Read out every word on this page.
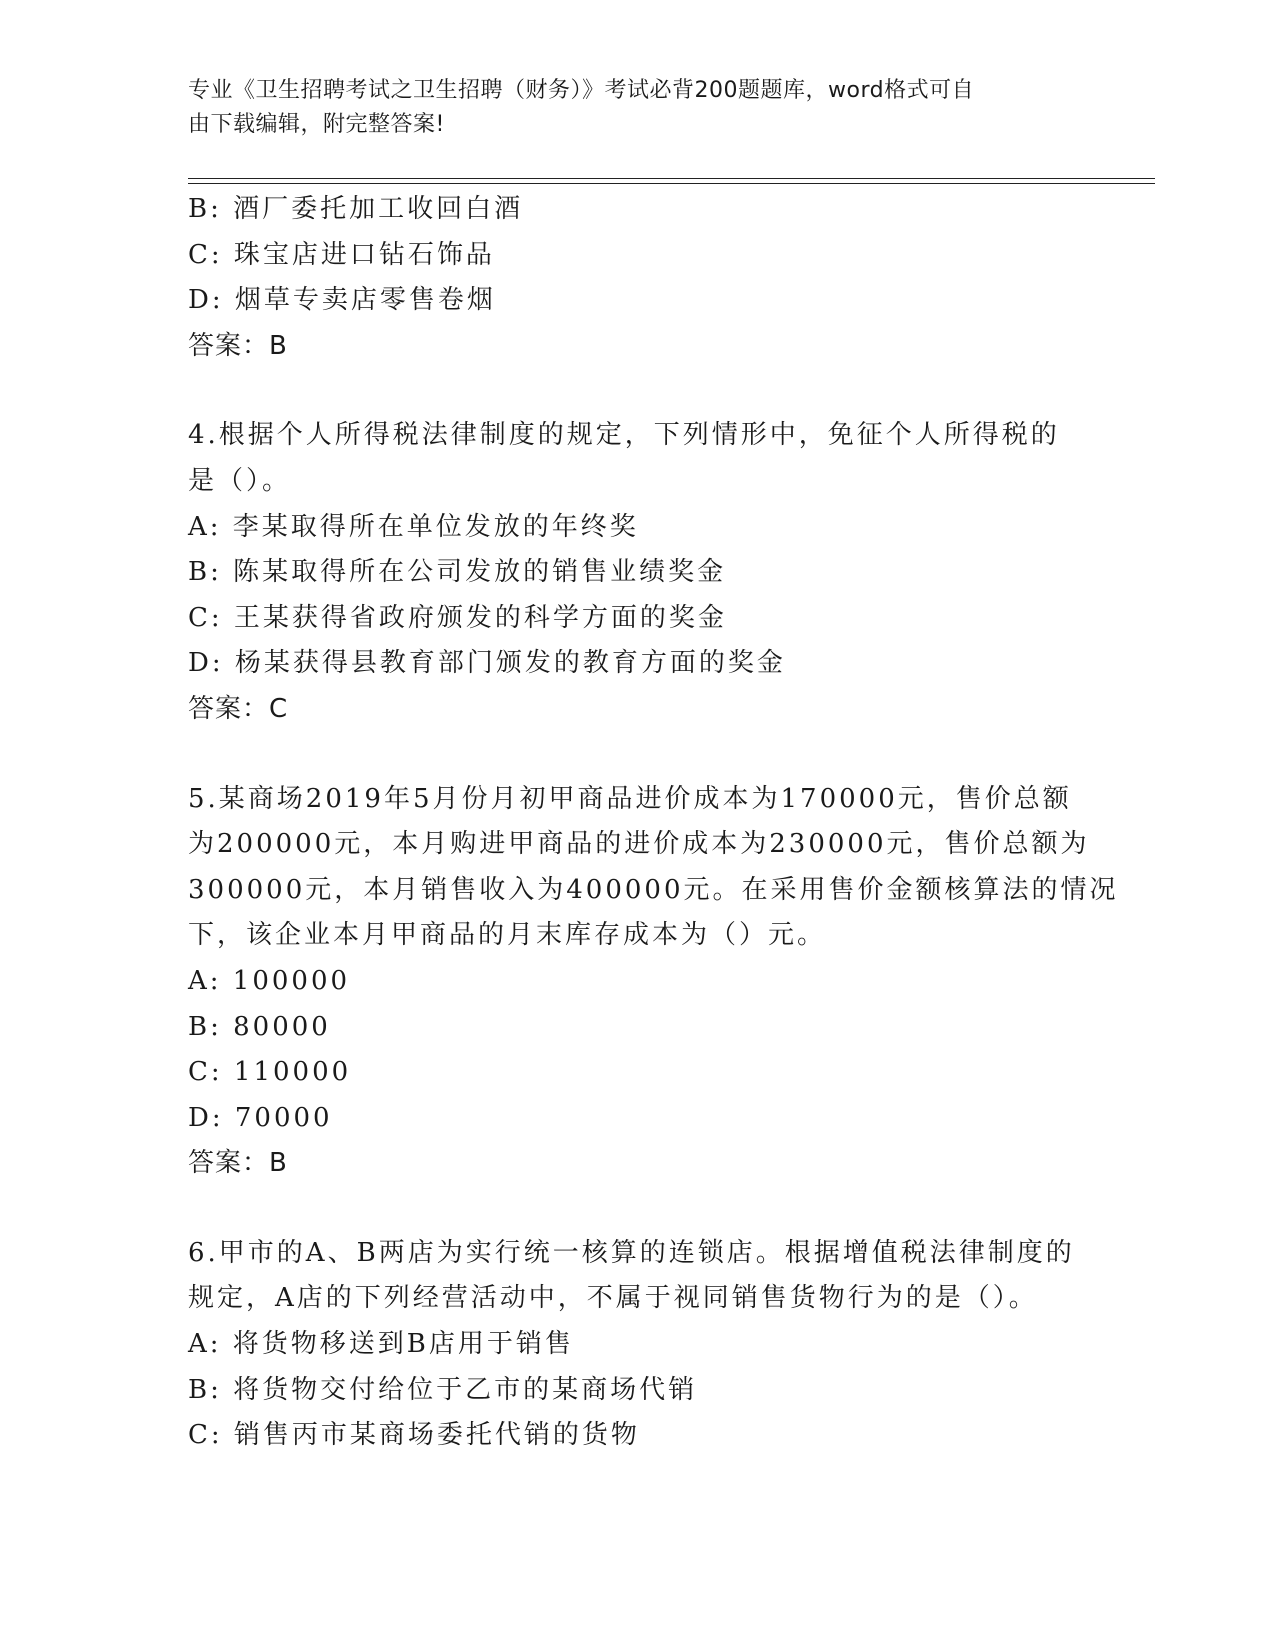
专业《卫生招聘考试之卫生招聘（财务）》考试必背200题题库，word格式可自
由下载编辑，附完整答案!
B: 酒厂委托加工收回白酒
C: 珠宝店进口钻石饰品
D: 烟草专卖店零售卷烟
答案：B
4.根据个人所得税法律制度的规定，下列情形中，免征个人所得税的
是（）。
A: 李某取得所在单位发放的年终奖
B: 陈某取得所在公司发放的销售业绩奖金
C: 王某获得省政府颁发的科学方面的奖金
D: 杨某获得县教育部门颁发的教育方面的奖金
答案：C
5.某商场2019年5月份月初甲商品进价成本为170000元，售价总额
为200000元，本月购进甲商品的进价成本为230000元，售价总额为
300000元，本月销售收入为400000元。在采用售价金额核算法的情况
下，该企业本月甲商品的月末库存成本为（）元。
A: 100000
B: 80000
C: 110000
D: 70000
答案：B
6.甲市的A、B两店为实行统一核算的连锁店。根据增值税法律制度的
规定，A店的下列经营活动中，不属于视同销售货物行为的是（）。
A: 将货物移送到B店用于销售
B: 将货物交付给位于乙市的某商场代销
C: 销售丙市某商场委托代销的货物
